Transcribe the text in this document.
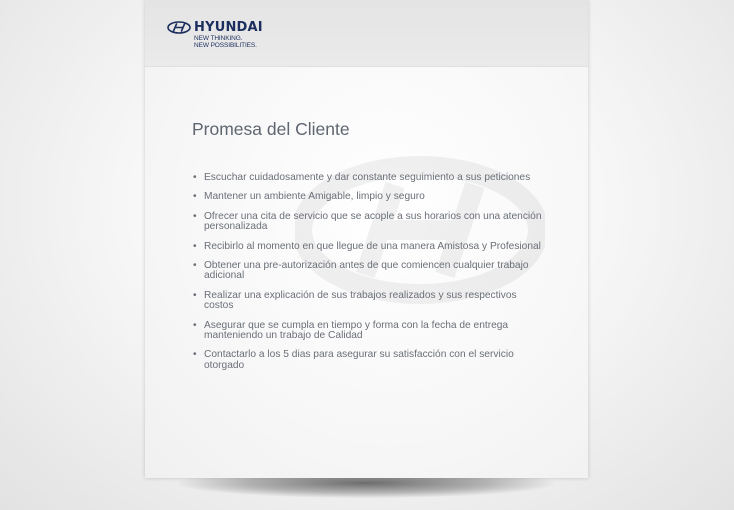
HYUNDAI
NEW THINKING.
NEW POSSIBILITIES.
Promesa del Cliente
• Escuchar cuidadosamente y dar constante seguimiento a sus peticiones
• Mantener un ambiente Amigable, limpio y seguro
• Ofrecer una cita de servicio que se acople a sus horarios con una atención personalizada
• Recibirlo al momento en que llegue de una manera Amistosa y Profesional
• Obtener una pre-autorización antes de que comiencen cualquier trabajo adicional
• Realizar una explicación de sus trabajos realizados y sus respectivos costos
• Asegurar que se cumpla en tiempo y forma con la fecha de entrega manteniendo un trabajo de Calidad
• Contactarlo a los 5 dias para asegurar su satisfacción con el servicio otorgado
